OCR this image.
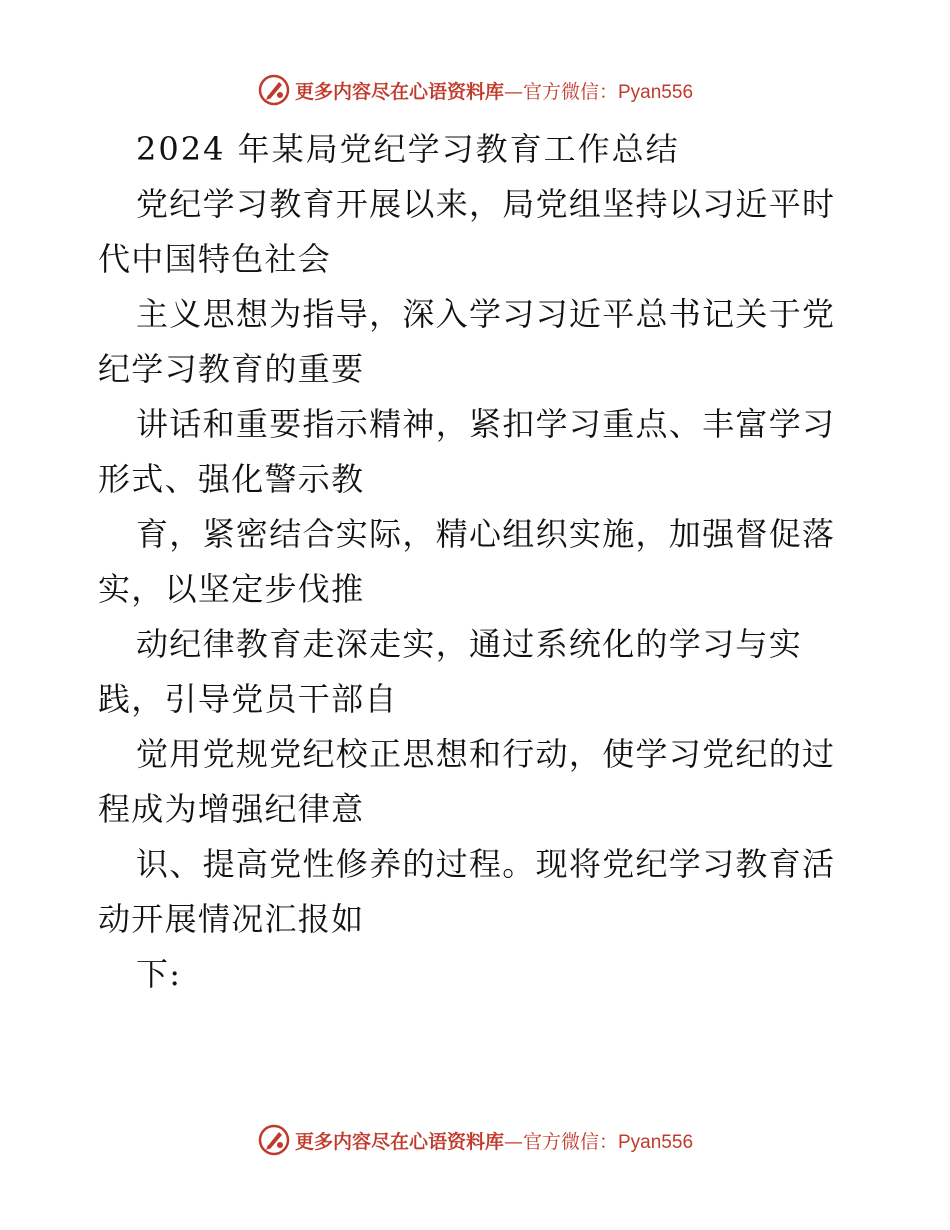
更多内容尽在心语资料库—官方微信：Pyan556
2024 年某局党纪学习教育工作总结
党纪学习教育开展以来，局党组坚持以习近平时
代中国特色社会
主义思想为指导，深入学习习近平总书记关于党
纪学习教育的重要
讲话和重要指示精神，紧扣学习重点、丰富学习
形式、强化警示教
育，紧密结合实际，精心组织实施，加强督促落
实，以坚定步伐推
动纪律教育走深走实，通过系统化的学习与实
践，引导党员干部自
觉用党规党纪校正思想和行动，使学习党纪的过
程成为增强纪律意
识、提高党性修养的过程。现将党纪学习教育活
动开展情况汇报如
下:
更多内容尽在心语资料库—官方微信：Pyan556
